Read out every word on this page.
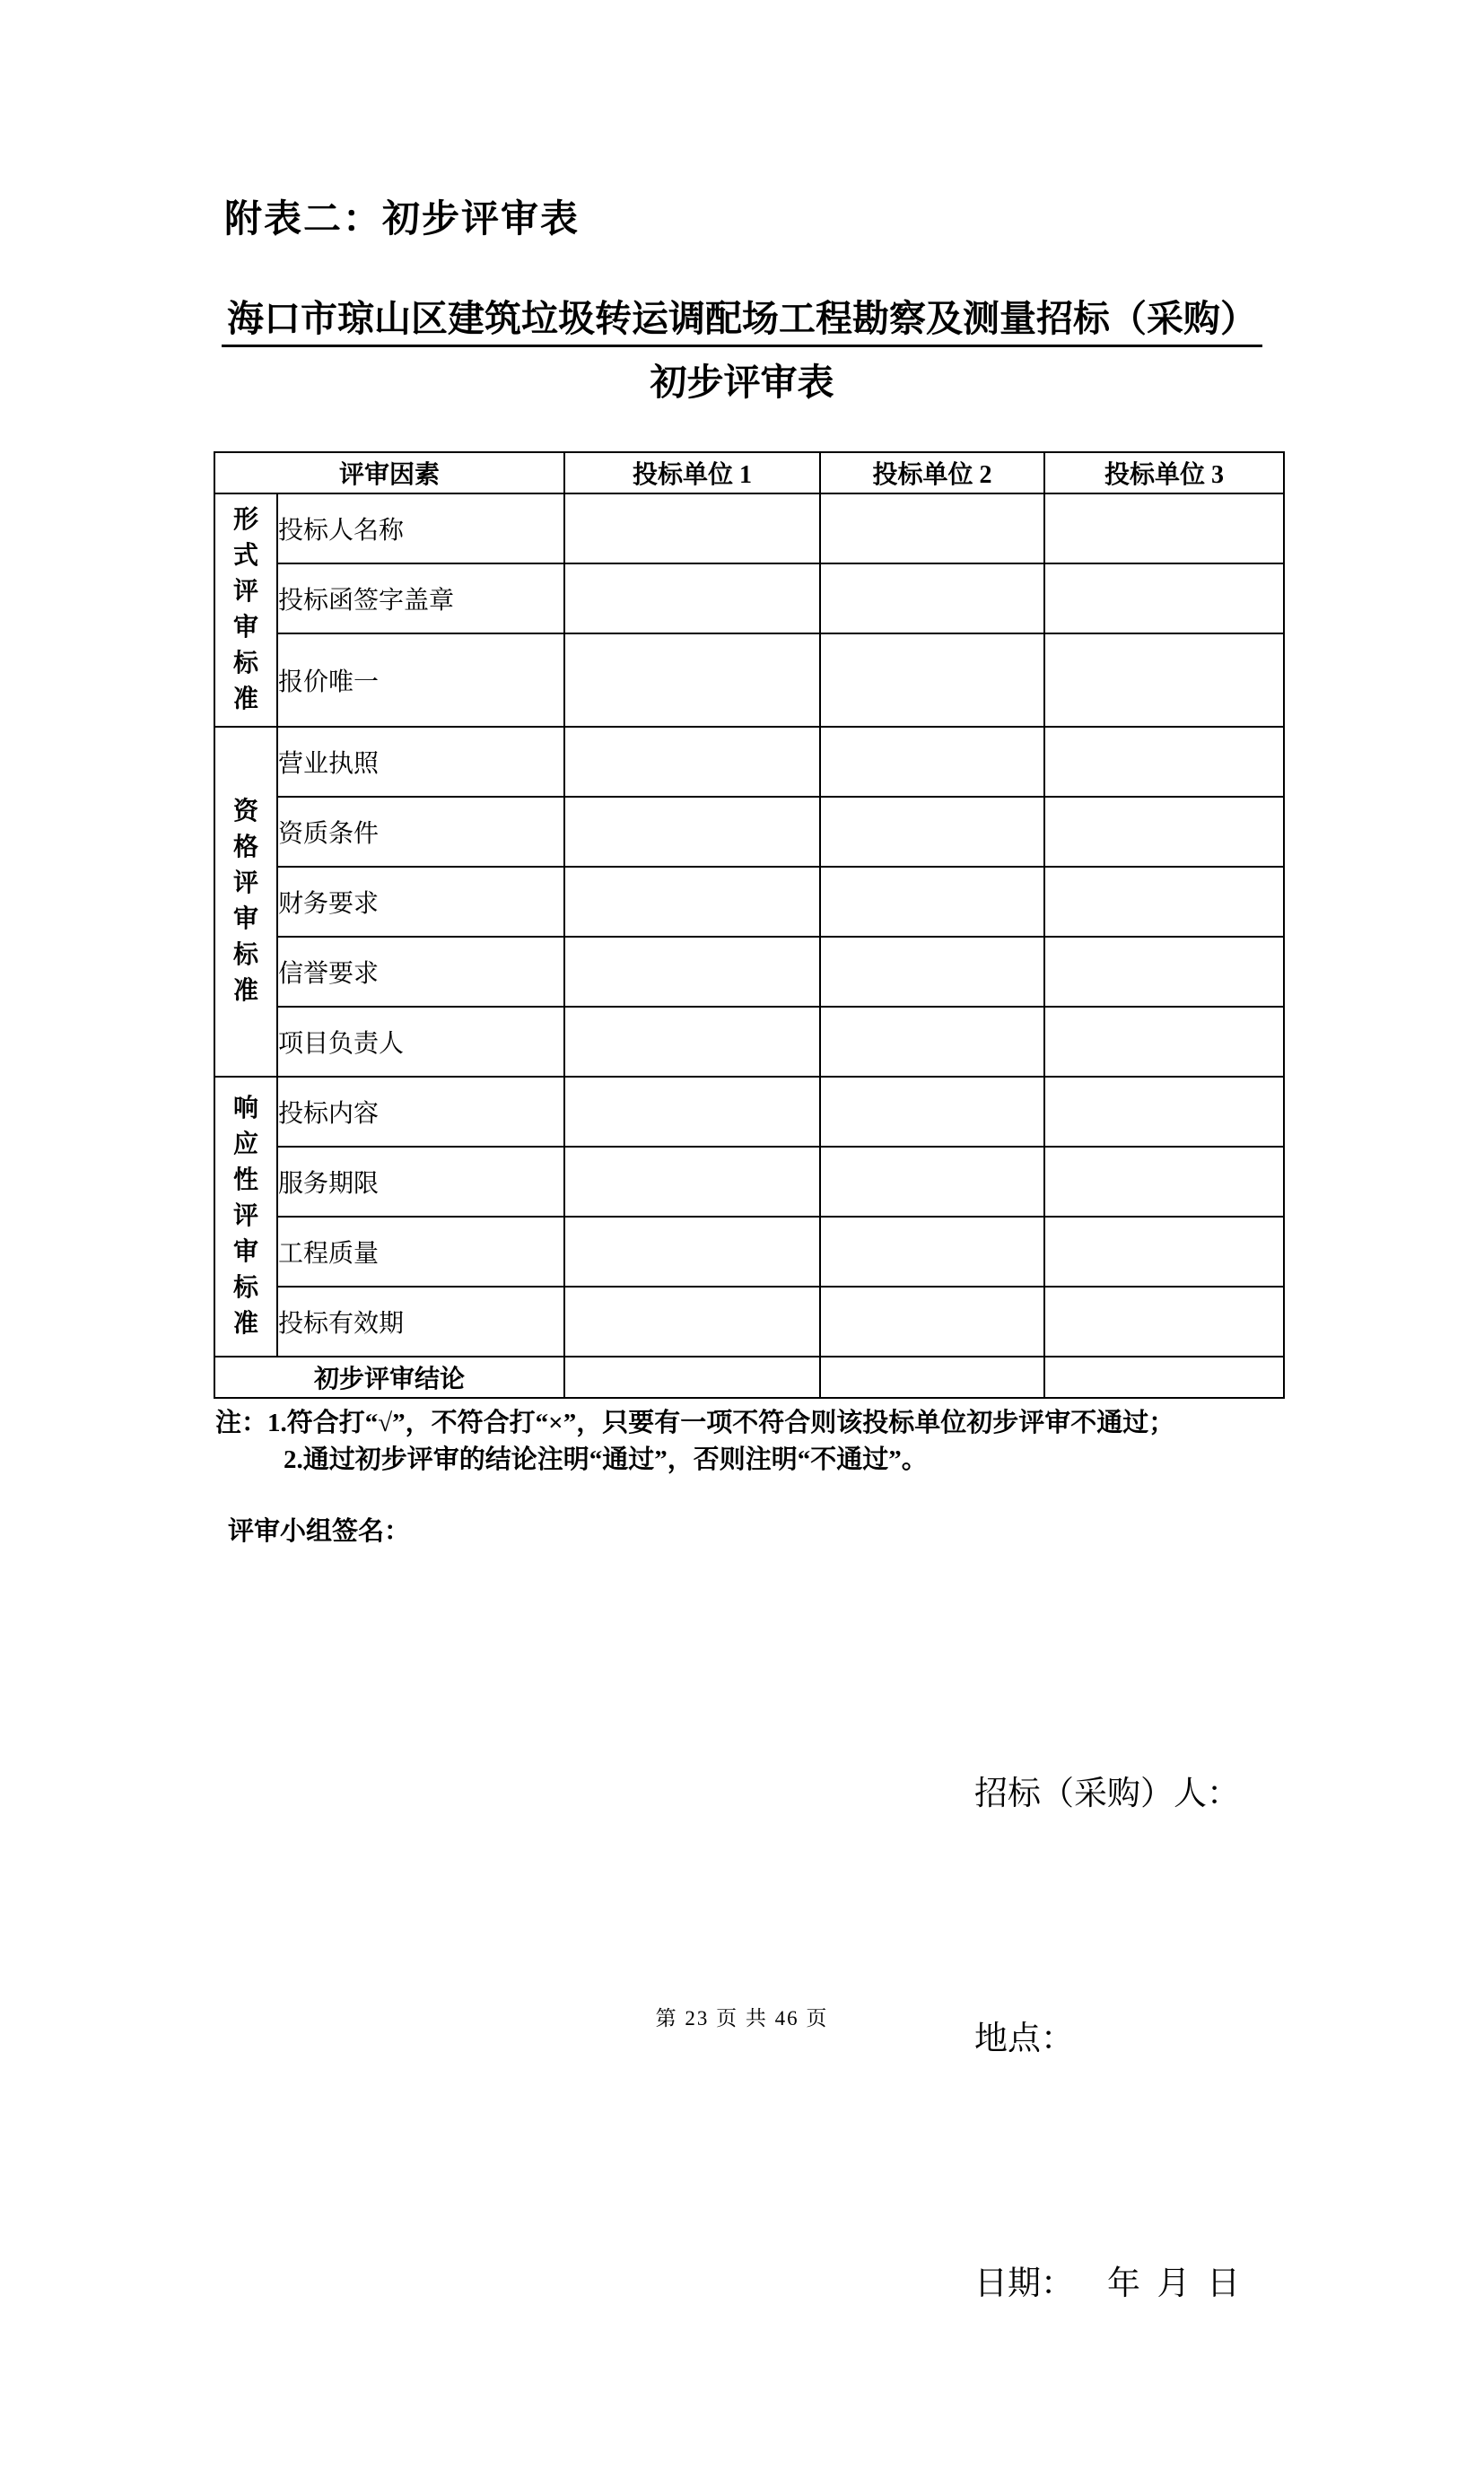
附表二：初步评审表
海口市琼山区建筑垃圾转运调配场工程勘察及测量招标（采购）
初步评审表
评审因素		投标单位 1	投标单位 2	投标单位 3
形式评审标准	投标人名称			
	投标函签字盖章			
	报价唯一			
资格评审标准	营业执照			
	资质条件			
	财务要求			
	信誉要求			
	项目负责人			
响应性评审标准	投标内容			
	服务期限			
	工程质量			
	投标有效期			
初步评审结论				
注：1.符合打“√”，不符合打“×”，只要有一项不符合则该投标单位初步评审不通过；
2.通过初步评审的结论注明“通过”，否则注明“不通过”。
评审小组签名：

招标（采购）人：

地点：

日期：    年  月  日

第 23 页 共 46 页
